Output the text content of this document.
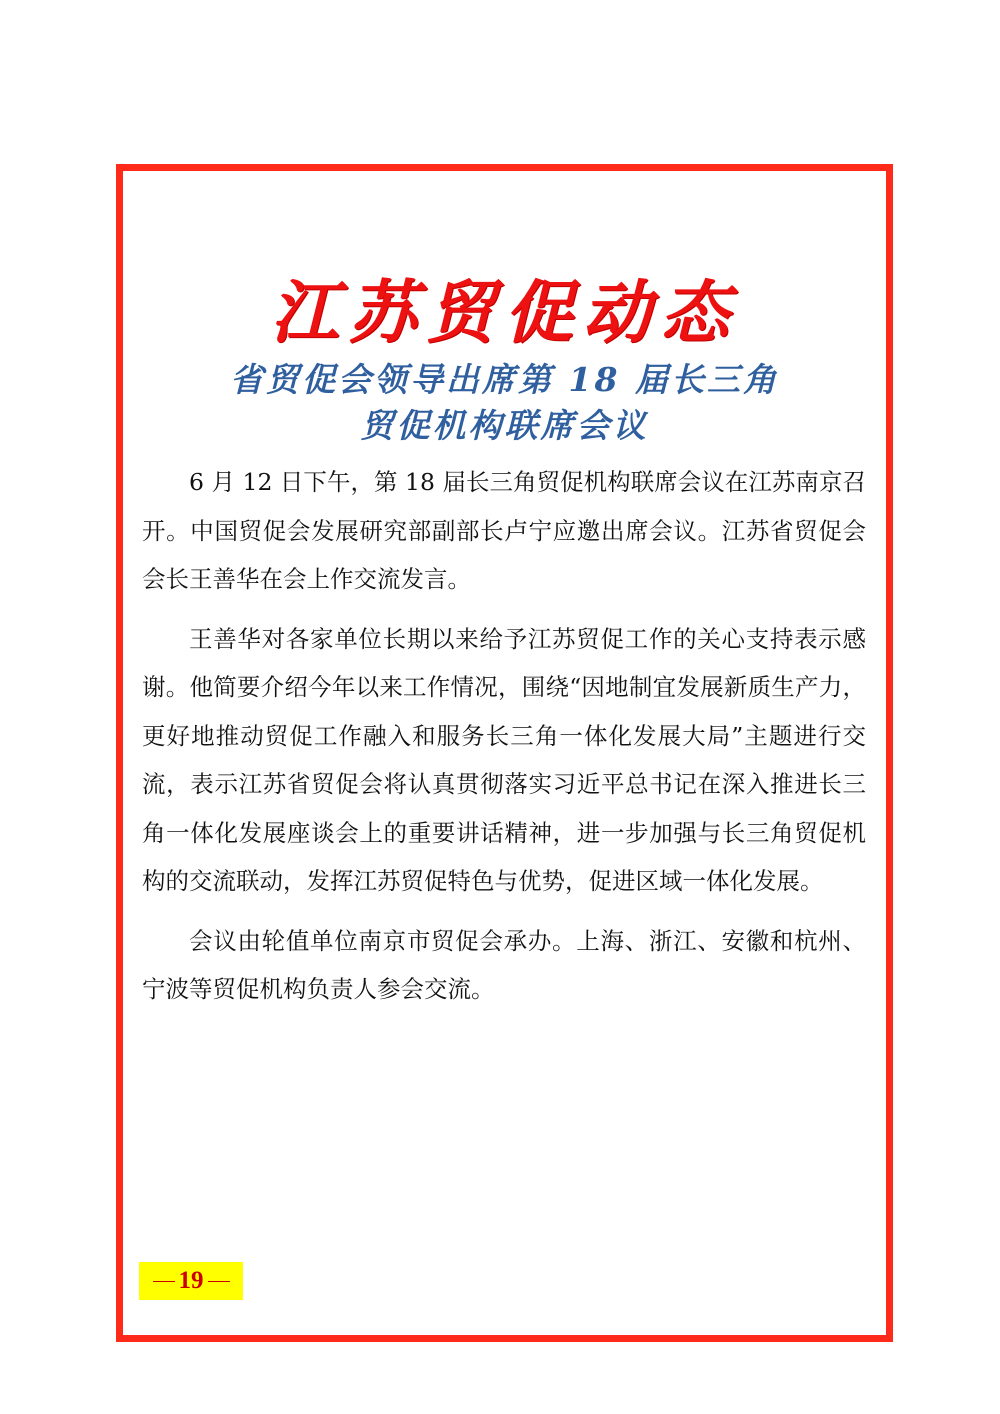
江苏贸促动态
省贸促会领导出席第 18 届长三角
贸促机构联席会议

6 月 12 日下午，第 18 届长三角贸促机构联席会议在江苏南京召开。中国贸促会发展研究部副部长卢宁应邀出席会议。江苏省贸促会会长王善华在会上作交流发言。

王善华对各家单位长期以来给予江苏贸促工作的关心支持表示感谢。他简要介绍今年以来工作情况，围绕“因地制宜发展新质生产力，更好地推动贸促工作融入和服务长三角一体化发展大局”主题进行交流，表示江苏省贸促会将认真贯彻落实习近平总书记在深入推进长三角一体化发展座谈会上的重要讲话精神，进一步加强与长三角贸促机构的交流联动，发挥江苏贸促特色与优势，促进区域一体化发展。

会议由轮值单位南京市贸促会承办。上海、浙江、安徽和杭州、宁波等贸促机构负责人参会交流。

19
